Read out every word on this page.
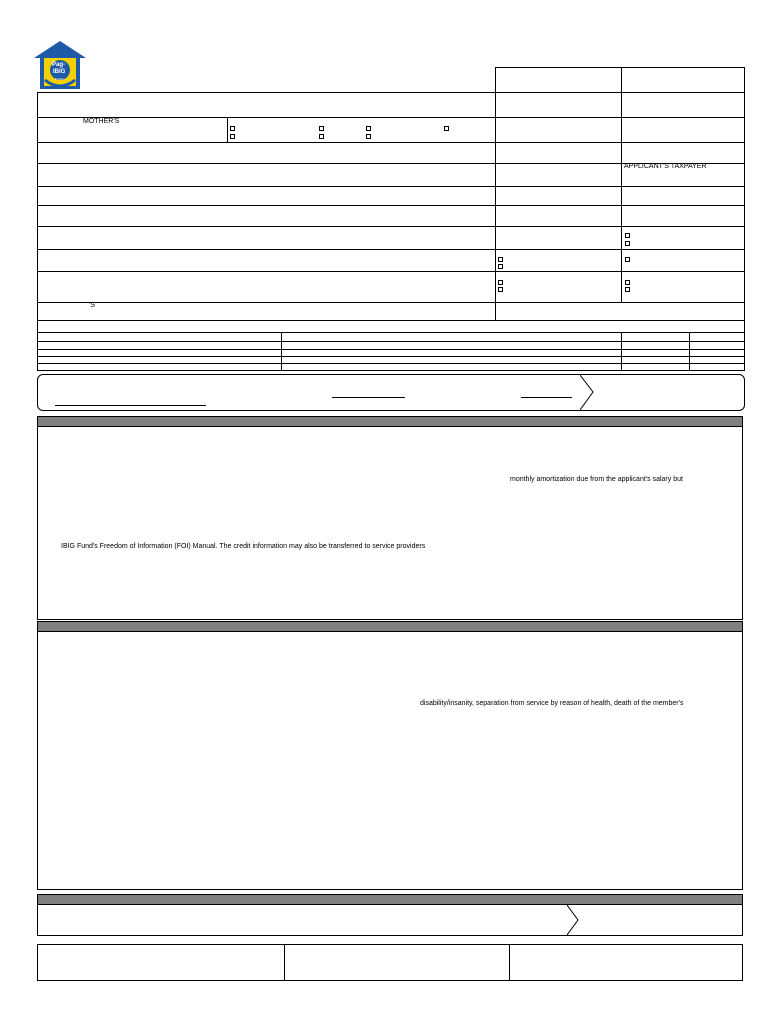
Pag-
IBIG
FUND
MOTHER'S
APPLICANT'S TAXPAYER
'S
monthly amortization due from the applicant's salary but
IBIG Fund's Freedom of Information (FOI) Manual. The credit information may also be transferred to service providers
disability/insanity, separation from service by reason of health, death of the member's
